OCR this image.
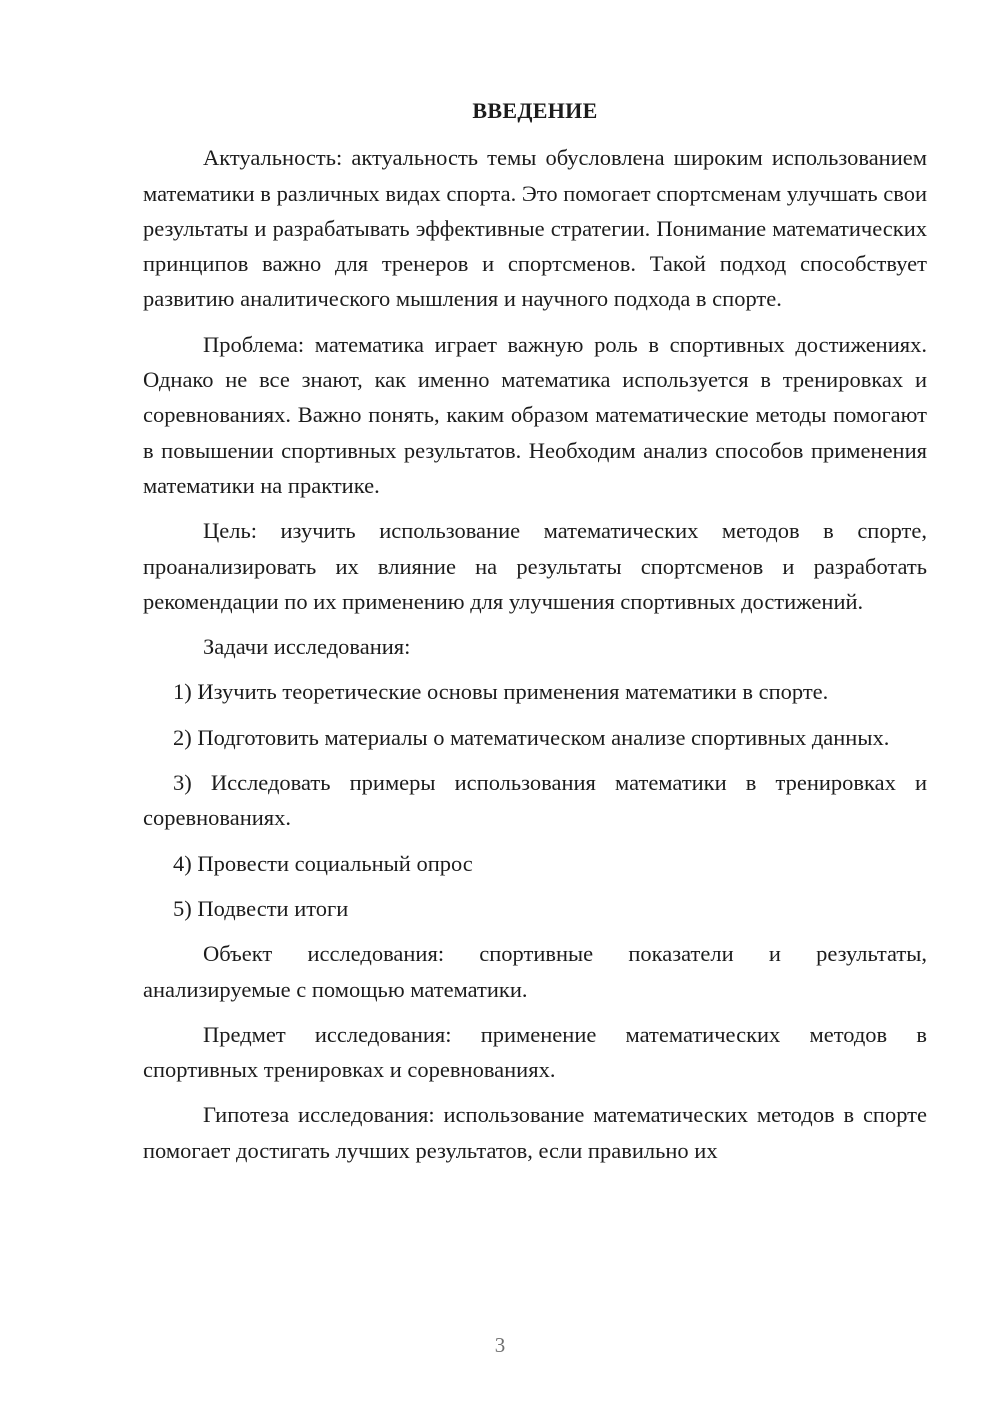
ВВЕДЕНИЕ

Актуальность: актуальность темы обусловлена широким использованием математики в различных видах спорта. Это помогает спортсменам улучшать свои результаты и разрабатывать эффективные стратегии. Понимание математических принципов важно для тренеров и спортсменов. Такой подход способствует развитию аналитического мышления и научного подхода в спорте.

Проблема: математика играет важную роль в спортивных достижениях. Однако не все знают, как именно математика используется в тренировках и соревнованиях. Важно понять, каким образом математические методы помогают в повышении спортивных результатов. Необходим анализ способов применения математики на практике.

Цель: изучить использование математических методов в спорте, проанализировать их влияние на результаты спортсменов и разработать рекомендации по их применению для улучшения спортивных достижений.

Задачи исследования:

1) Изучить теоретические основы применения математики в спорте.

2) Подготовить материалы о математическом анализе спортивных данных.

3) Исследовать примеры использования математики в тренировках и соревнованиях.

4) Провести социальный опрос

5) Подвести итоги

Объект исследования: спортивные показатели и результаты, анализируемые с помощью математики.

Предмет исследования: применение математических методов в спортивных тренировках и соревнованиях.

Гипотеза исследования: использование математических методов в спорте помогает достигать лучших результатов, если правильно их

3
